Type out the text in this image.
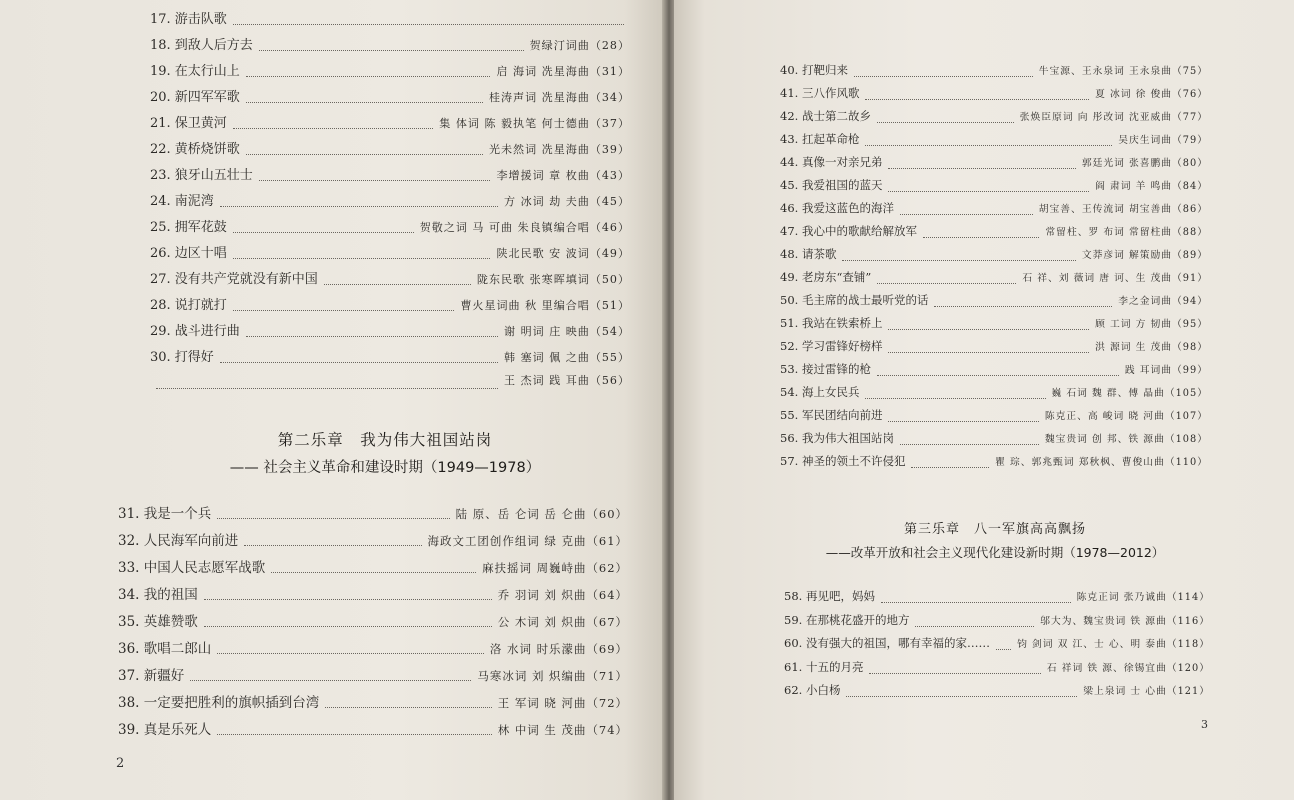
17. 游击队歌
18. 到敌人后方去	贺绿汀词曲（28）
19. 在太行山上	启 海词 冼星海曲（31）
20. 新四军军歌	桂涛声词 冼星海曲（34）
21. 保卫黄河	集 体词 陈 毅执笔 何士德曲（37）
22. 黄桥烧饼歌	光未然词 冼星海曲（39）
23. 狼牙山五壮士	李增援词 章 枚曲（43）
24. 南泥湾	方 冰词 劫 夫曲（45）
25. 拥军花鼓	贺敬之词 马 可曲 朱良镇编合唱（46）
26. 边区十唱	陕北民歌 安 波词（49）
27. 没有共产党就没有新中国	陇东民歌 张寒晖填词（50）
28. 说打就打	曹火星词曲 秋 里编合唱（51）
29. 战斗进行曲	谢 明词 庄 映曲（54）
30. 打得好	韩 塞词 佩 之曲（55）
王 杰词 践 耳曲（56）
第二乐章　我为伟大祖国站岗
—— 社会主义革命和建设时期（1949—1978）
31. 我是一个兵	陆 原、岳 仑词 岳 仑曲（60）
32. 人民海军向前进	海政文工团创作组词 绿 克曲（61）
33. 中国人民志愿军战歌	麻扶摇词 周巍峙曲（62）
34. 我的祖国	乔 羽词 刘 炽曲（64）
35. 英雄赞歌	公 木词 刘 炽曲（67）
36. 歌唱二郎山	洛 水词 时乐濛曲（69）
37. 新疆好	马寒冰词 刘 炽编曲（71）
38. 一定要把胜利的旗帜插到台湾	王 军词 晓 河曲（72）
39. 真是乐死人	林 中词 生 茂曲（74）
2
40. 打靶归来	牛宝源、王永泉词 王永泉曲（75）
41. 三八作风歌	夏 冰词 徐 俊曲（76）
42. 战士第二故乡	张焕臣原词 向 彤改词 沈亚威曲（77）
43. 扛起革命枪	吴庆生词曲（79）
44. 真像一对亲兄弟	郭廷光词 张喜鹏曲（80）
45. 我爱祖国的蓝天	阎 肃词 羊 鸣曲（84）
46. 我爱这蓝色的海洋	胡宝善、王传流词 胡宝善曲（86）
47. 我心中的歌献给解放军	常留柱、罗 布词 常留柱曲（88）
48. 请茶歌	文莽彦词 解策励曲（89）
49. 老房东“查铺”	石 祥、刘 薇词 唐 诃、生 茂曲（91）
50. 毛主席的战士最听党的话	李之金词曲（94）
51. 我站在铁索桥上	顾 工词 方 韧曲（95）
52. 学习雷锋好榜样	洪 源词 生 茂曲（98）
53. 接过雷锋的枪	践 耳词曲（99）
54. 海上女民兵	巍 石词 魏 群、傅 晶曲（105）
55. 军民团结向前进	陈克正、高 峻词 晓 河曲（107）
56. 我为伟大祖国站岗	魏宝贵词 创 邦、铁 源曲（108）
57. 神圣的领土不许侵犯	瞿 琮、郭兆甄词 郑秋枫、曹俊山曲（110）
第三乐章　八一军旗高高飘扬
——改革开放和社会主义现代化建设新时期（1978—2012）
58. 再见吧，妈妈	陈克正词 张乃诚曲（114）
59. 在那桃花盛开的地方	邬大为、魏宝贵词 铁 源曲（116）
60. 没有强大的祖国，哪有幸福的家……	钧 剑词 双 江、士 心、明 泰曲（118）
61. 十五的月亮	石 祥词 铁 源、徐锡宜曲（120）
62. 小白杨	梁上泉词 士 心曲（121）
3
